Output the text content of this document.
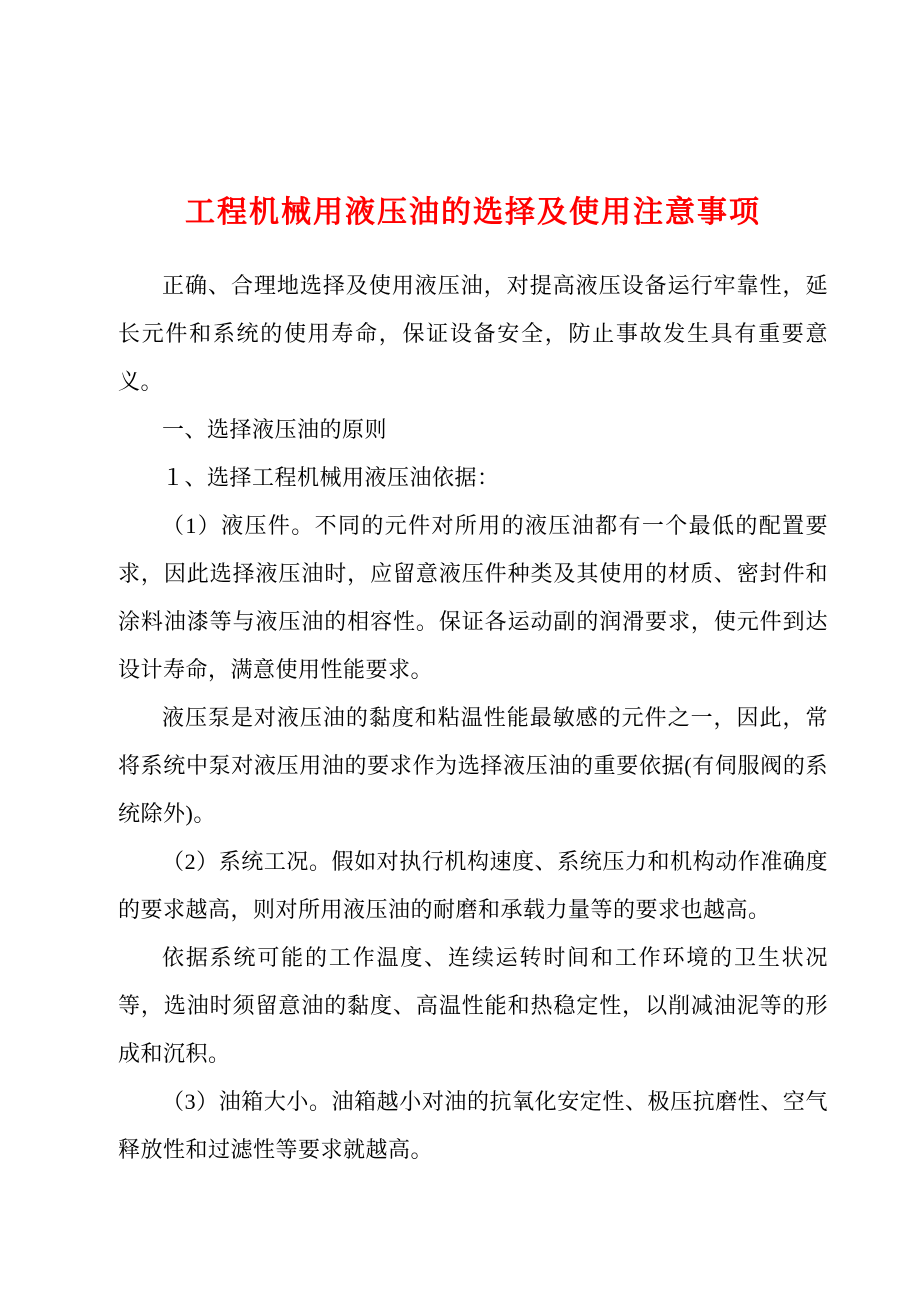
工程机械用液压油的选择及使用注意事项

正确、合理地选择及使用液压油，对提高液压设备运行牢靠性，延长元件和系统的使用寿命，保证设备安全，防止事故发生具有重要意义。

一、选择液压油的原则

１、选择工程机械用液压油依据：

（1）液压件。不同的元件对所用的液压油都有一个最低的配置要求，因此选择液压油时，应留意液压件种类及其使用的材质、密封件和涂料油漆等与液压油的相容性。保证各运动副的润滑要求，使元件到达设计寿命，满意使用性能要求。

液压泵是对液压油的黏度和粘温性能最敏感的元件之一，因此，常将系统中泵对液压用油的要求作为选择液压油的重要依据(有伺服阀的系统除外)。

（2）系统工况。假如对执行机构速度、系统压力和机构动作准确度的要求越高，则对所用液压油的耐磨和承载力量等的要求也越高。

依据系统可能的工作温度、连续运转时间和工作环境的卫生状况等，选油时须留意油的黏度、高温性能和热稳定性，以削减油泥等的形成和沉积。

（3）油箱大小。油箱越小对油的抗氧化安定性、极压抗磨性、空气释放性和过滤性等要求就越高。
